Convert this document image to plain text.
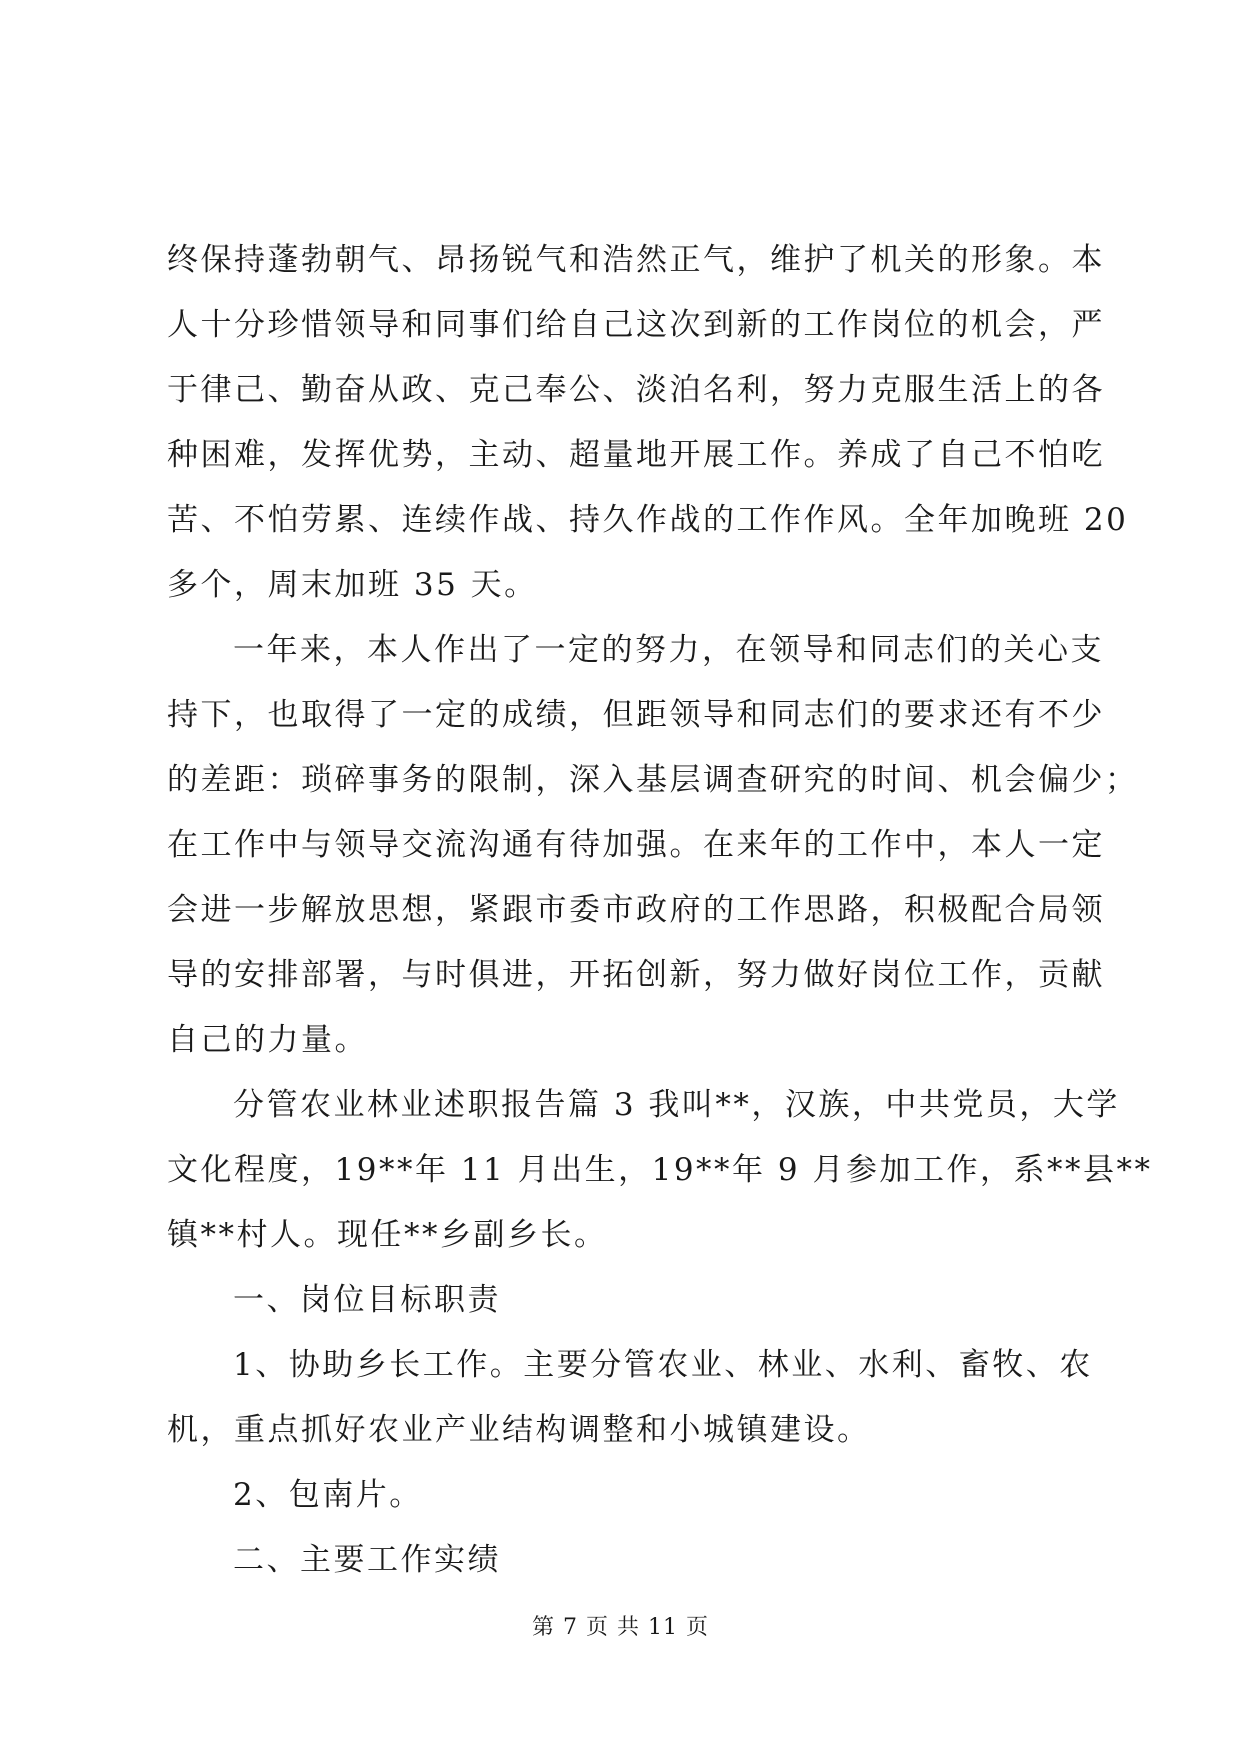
终保持蓬勃朝气、昂扬锐气和浩然正气，维护了机关的形象。本
人十分珍惜领导和同事们给自己这次到新的工作岗位的机会，严
于律己、勤奋从政、克己奉公、淡泊名利，努力克服生活上的各
种困难，发挥优势，主动、超量地开展工作。养成了自己不怕吃
苦、不怕劳累、连续作战、持久作战的工作作风。全年加晚班 20
多个，周末加班 35 天。
一年来，本人作出了一定的努力，在领导和同志们的关心支
持下，也取得了一定的成绩，但距领导和同志们的要求还有不少
的差距：琐碎事务的限制，深入基层调查研究的时间、机会偏少；
在工作中与领导交流沟通有待加强。在来年的工作中，本人一定
会进一步解放思想，紧跟市委市政府的工作思路，积极配合局领
导的安排部署，与时俱进，开拓创新，努力做好岗位工作，贡献
自己的力量。
分管农业林业述职报告篇 3 我叫**，汉族，中共党员，大学
文化程度，19**年 11 月出生，19**年 9 月参加工作，系**县**
镇**村人。现任**乡副乡长。
一、岗位目标职责
1、协助乡长工作。主要分管农业、林业、水利、畜牧、农
机，重点抓好农业产业结构调整和小城镇建设。
2、包南片。
二、主要工作实绩
第 7 页 共 11 页
